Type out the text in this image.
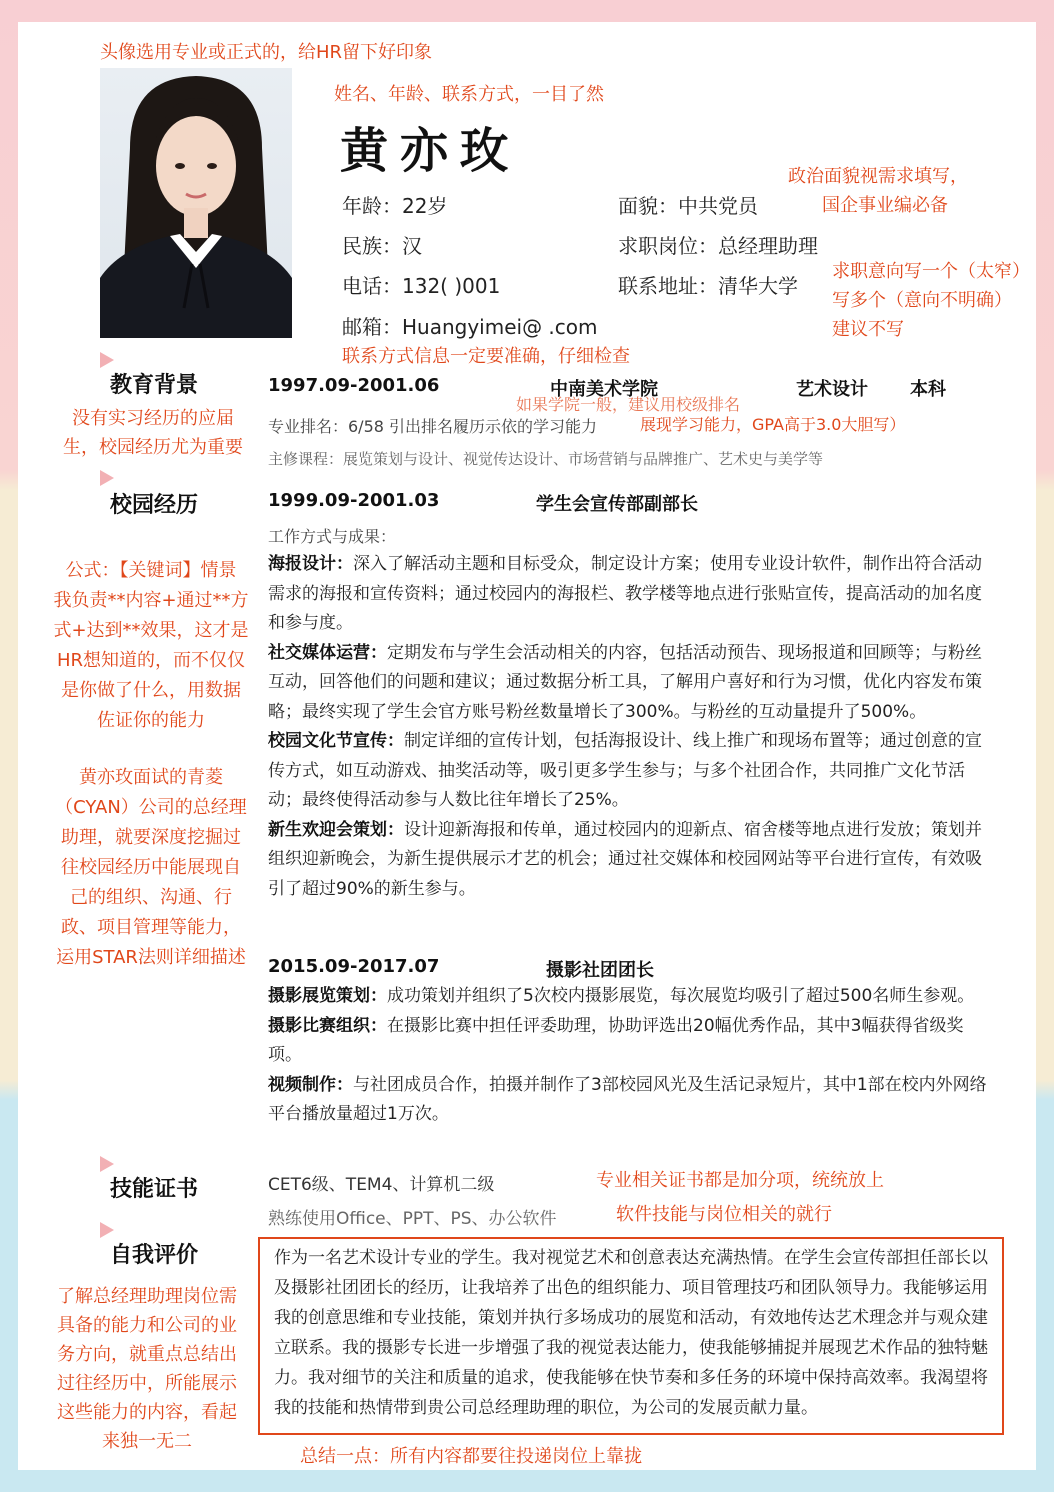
头像选用专业或正式的，给HR留下好印象
姓名、年龄、联系方式，一目了然
黄亦玫	政治面貌视需求填写，
国企事业编必备
年龄：22岁	面貌：中共党员
民族：汉	求职岗位：总经理助理
电话：132( )001	联系地址：清华大学
邮箱：Huangyimei@ .com
求职意向写一个（太窄）
写多个（意向不明确）
建议不写
联系方式信息一定要准确，仔细检查
教育背景
没有实习经历的应届
生，校园经历尤为重要
1997.09-2001.06	中南美术学院	艺术设计 本科
如果学院一般，建议用校级排名
专业排名：6/58 引出排名履历示依的学习能力	展现学习能力， GPA高于3.0大胆写）
主修课程：展览策划与设计、视觉传达设计、市场营销与品牌推广、艺术史与美学等
校园经历
公式：【关键词】情景
我负责**内容+通过**方
式+达到**效果，这才是
HR想知道的，而不仅仅
是你做了什么，用数据
佐证你的能力
黄亦玫面试的青菱
（CYAN）公司的总经理
助理，就要深度挖掘过
往校园经历中能展现自
己的组织、沟通、行
政、项目管理等能力，
运用STAR法则详细描述
1999.09-2001.03	学生会宣传部副部长
工作方式与成果：
海报设计：深入了解活动主题和目标受众，制定设计方案；使用专业设计软件，制作出符合活动需求的海报和宣传资料；通过校园内的海报栏、教学楼等地点进行张贴宣传，提高活动的加名度和参与度。
社交媒体运营：定期发布与学生会活动相关的内容，包括活动预告、现场报道和回顾等；与粉丝互动，回答他们的问题和建议；通过数据分析工具，了解用户喜好和行为习惯，优化内容发布策略；最终实现了学生会官方账号粉丝数量增长了300%。与粉丝的互动量提升了500%。
校园文化节宣传：制定详细的宣传计划，包括海报设计、线上推广和现场布置等；通过创意的宣传方式，如互动游戏、抽奖活动等，吸引更多学生参与；与多个社团合作，共同推广文化节活动；最终使得活动参与人数比往年增长了25%。
新生欢迎会策划：设计迎新海报和传单，通过校园内的迎新点、宿舍楼等地点进行发放；策划并组织迎新晚会，为新生提供展示才艺的机会；通过社交媒体和校园网站等平台进行宣传，有效吸引了超过90%的新生参与。
2015.09-2017.07	摄影社团团长
摄影展览策划：成功策划并组织了5次校内摄影展览，每次展览均吸引了超过500名师生参观。
摄影比赛组织：在摄影比赛中担任评委助理，协助评选出20幅优秀作品，其中3幅获得省级奖项。
视频制作：与社团成员合作，拍摄并制作了3部校园风光及生活记录短片，其中1部在校内外网络平台播放量超过1万次。
技能证书	CET6级、TEM4、计算机二级	专业相关证书都是加分项，统统放上
熟练使用Office、PPT、PS、办公软件	软件技能与岗位相关的就行
自我评价
了解总经理助理岗位需
具备的能力和公司的业
务方向，就重点总结出
过往经历中，所能展示
这些能力的内容，看起
来独一无二
作为一名艺术设计专业的学生。我对视觉艺术和创意表达充满热情。在学生会宣传部担任部长以及摄影社团团长的经历，让我培养了出色的组织能力、项目管理技巧和团队领导力。我能够运用我的创意思维和专业技能，策划并执行多场成功的展览和活动，有效地传达艺术理念并与观众建立联系。我的摄影专长进一步增强了我的视觉表达能力，使我能够捕捉并展现艺术作品的独特魅力。我对细节的关注和质量的追求，使我能够在快节奏和多任务的环境中保持高效率。我渴望将我的技能和热情带到贵公司总经理助理的职位，为公司的发展贡献力量。
总结一点：所有内容都要往投递岗位上靠拢
